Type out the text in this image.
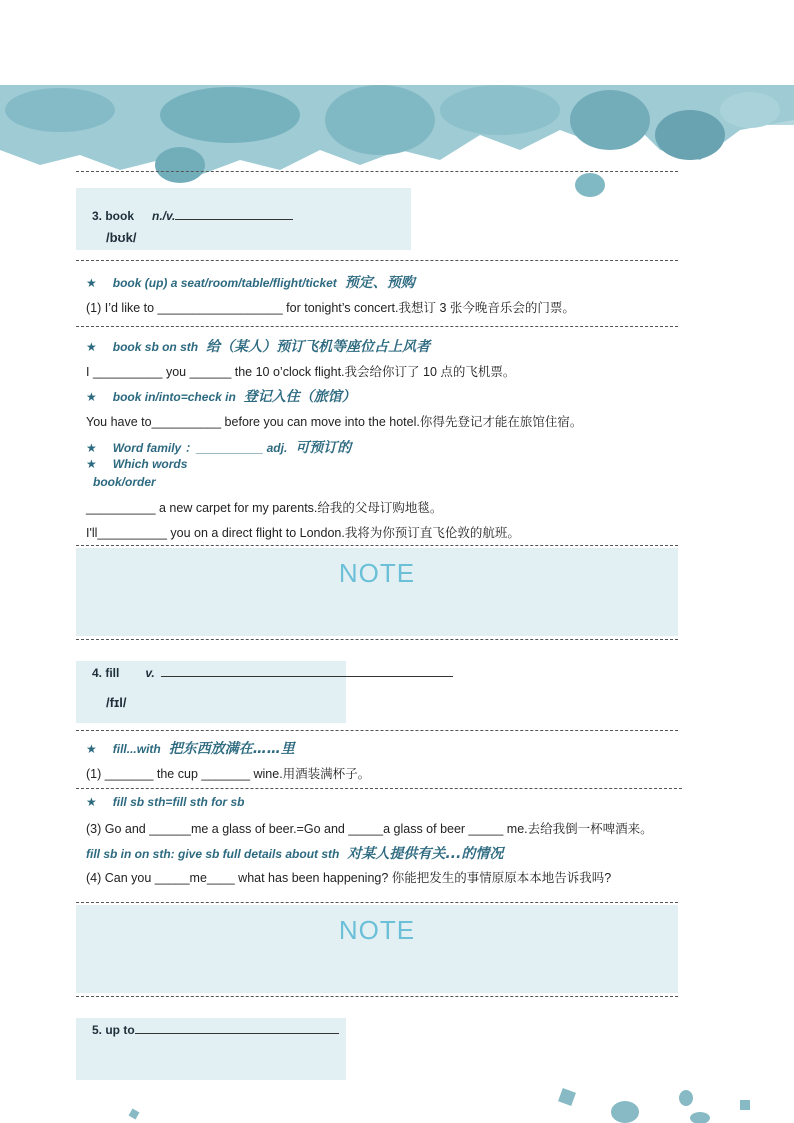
3. book n./v.
/bʊk/
★ book (up) a seat/room/table/flight/ticket 预定、预购
(1) I’d like to __________________ for tonight’s concert.我想订 3 张今晚音乐会的门票。
★ book sb on sth 给（某人）预订飞机等座位占上风者
I __________ you ______ the 10 o’clock flight.我会给你订了 10 点的飞机票。
★ book in/into=check in 登记入住（旅馆）
You have to__________ before you can move into the hotel.你得先登记才能在旅馆住宿。
★ Word family ：__________ adj. 可预订的
★ Which words
book/order
__________ a new carpet for my parents.给我的父母订购地毯。
I'll__________ you on a direct flight to London.我将为你预订直飞伦敦的航班。
NOTE
4. fill v.
/fɪl/
★ fill...with 把东西放满在……里
(1) _______ the cup _______ wine.用酒装满杯子。
★ fill sb sth=fill sth for sb
(3) Go and ______me a glass of beer.=Go and _____a glass of beer _____ me.去给我倒一杯啤酒来。
fill sb in on sth: give sb full details about sth 对某人提供有关...的情况
(4) Can you _____me____ what has been happening? 你能把发生的事情原原本本地告诉我吗?
NOTE
5. up to
